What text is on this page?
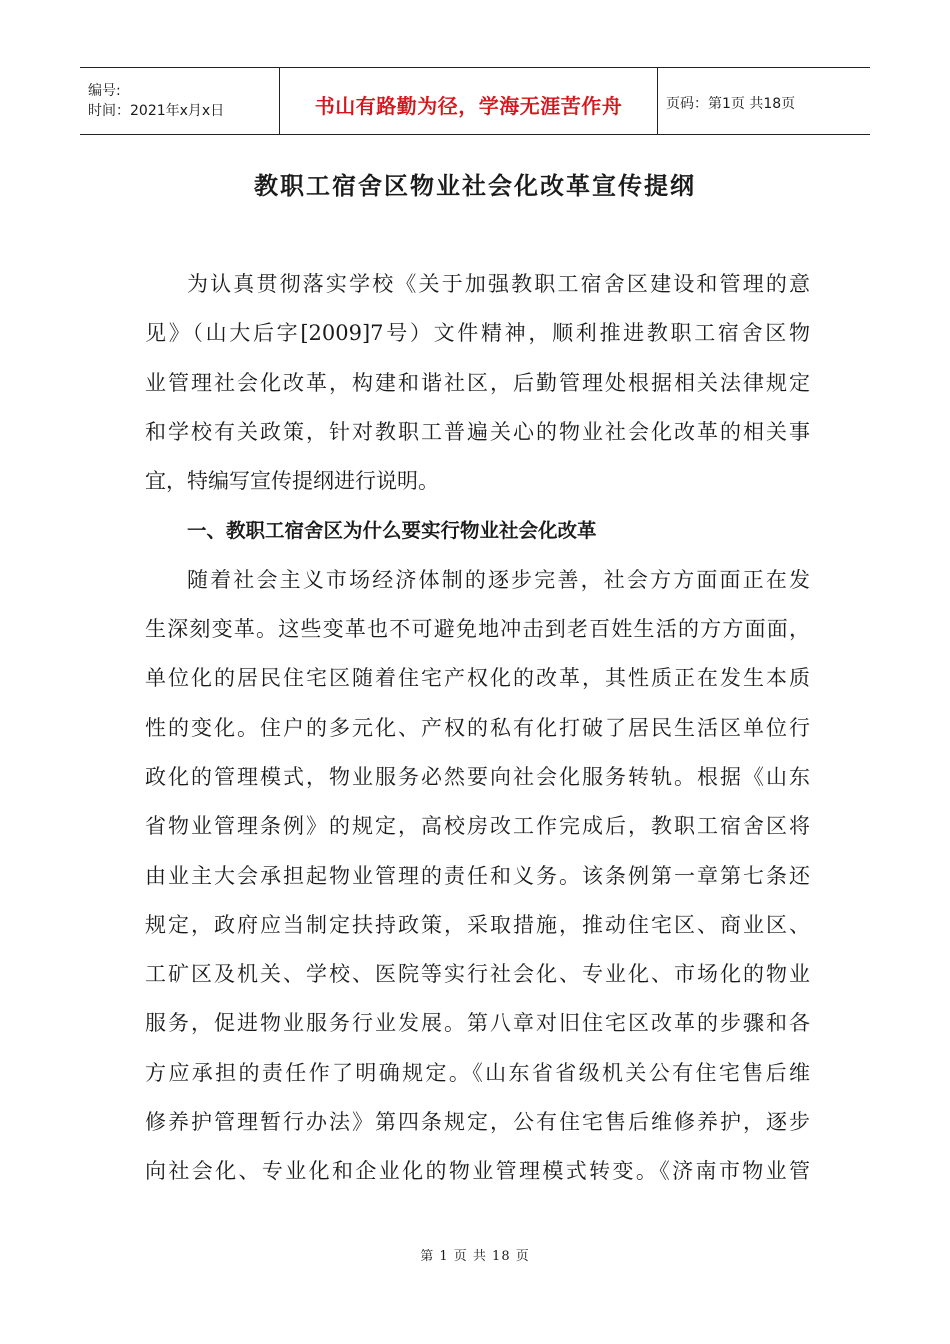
编号:
时间：2021年x月x日	书山有路勤为径，学海无涯苦作舟	页码：第1页 共18页
教职工宿舍区物业社会化改革宣传提纲
为认真贯彻落实学校《关于加强教职工宿舍区建设和管理的意
见》（山大后字[2009]7号）文件精神，顺利推进教职工宿舍区物
业管理社会化改革，构建和谐社区，后勤管理处根据相关法律规定
和学校有关政策，针对教职工普遍关心的物业社会化改革的相关事
宜，特编写宣传提纲进行说明。
一、教职工宿舍区为什么要实行物业社会化改革
随着社会主义市场经济体制的逐步完善，社会方方面面正在发
生深刻变革。这些变革也不可避免地冲击到老百姓生活的方方面面，
单位化的居民住宅区随着住宅产权化的改革，其性质正在发生本质
性的变化。住户的多元化、产权的私有化打破了居民生活区单位行
政化的管理模式，物业服务必然要向社会化服务转轨。根据《山东
省物业管理条例》的规定，高校房改工作完成后，教职工宿舍区将
由业主大会承担起物业管理的责任和义务。该条例第一章第七条还
规定，政府应当制定扶持政策，采取措施，推动住宅区、商业区、
工矿区及机关、学校、医院等实行社会化、专业化、市场化的物业
服务，促进物业服务行业发展。第八章对旧住宅区改革的步骤和各
方应承担的责任作了明确规定。《山东省省级机关公有住宅售后维
修养护管理暂行办法》第四条规定，公有住宅售后维修养护，逐步
向社会化、专业化和企业化的物业管理模式转变。《济南市物业管
第 1 页 共 18 页
